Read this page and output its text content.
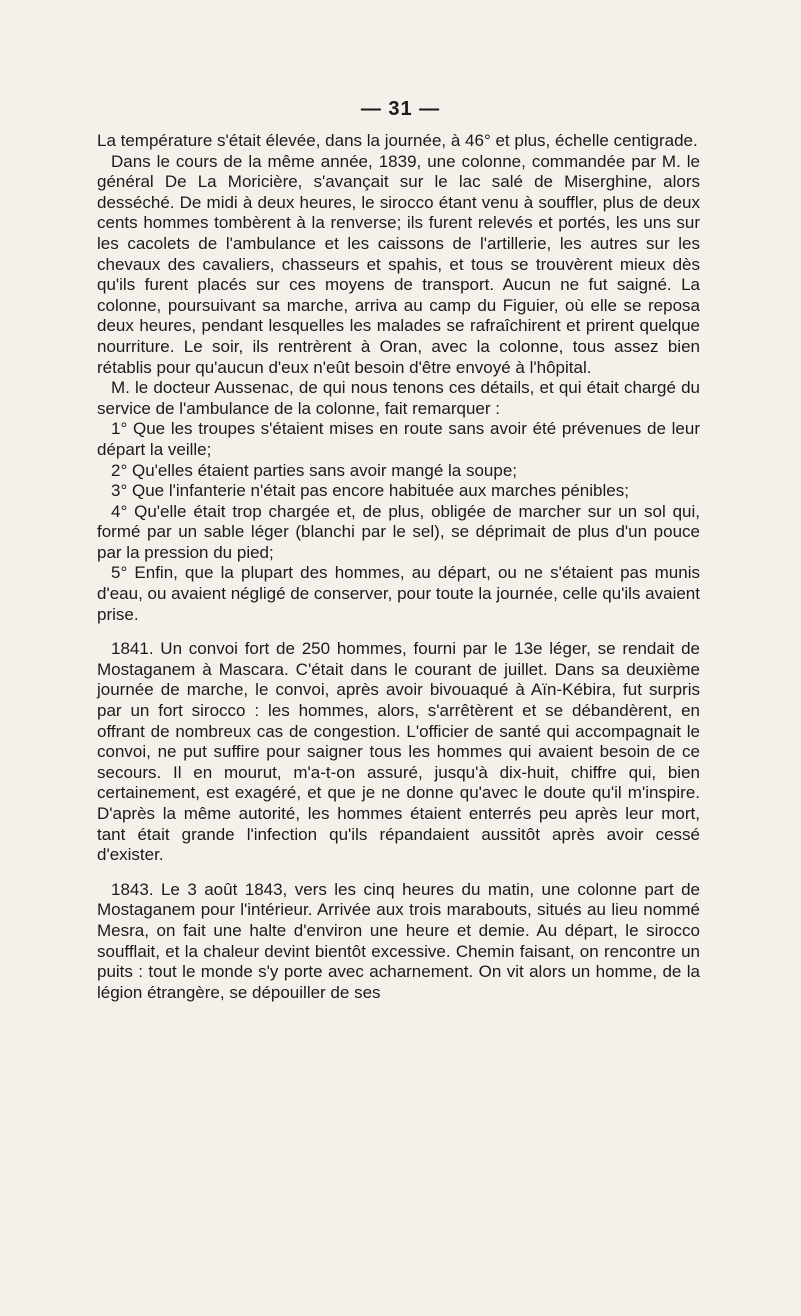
— 31 —

La température s'était élevée, dans la journée, à 46° et plus, échelle centigrade.

Dans le cours de la même année, 1839, une colonne, commandée par M. le général De La Moricière, s'avançait sur le lac salé de Miserghine, alors desséché. De midi à deux heures, le sirocco étant venu à souffler, plus de deux cents hommes tombèrent à la renverse; ils furent relevés et portés, les uns sur les cacolets de l'ambulance et les caissons de l'artillerie, les autres sur les chevaux des cavaliers, chasseurs et spahis, et tous se trouvèrent mieux dès qu'ils furent placés sur ces moyens de transport. Aucun ne fut saigné. La colonne, poursuivant sa marche, arriva au camp du Figuier, où elle se reposa deux heures, pendant lesquelles les malades se rafraîchirent et prirent quelque nourriture. Le soir, ils rentrèrent à Oran, avec la colonne, tous assez bien rétablis pour qu'aucun d'eux n'eût besoin d'être envoyé à l'hôpital.

M. le docteur Aussenac, de qui nous tenons ces détails, et qui était chargé du service de l'ambulance de la colonne, fait remarquer :

1° Que les troupes s'étaient mises en route sans avoir été prévenues de leur départ la veille;

2° Qu'elles étaient parties sans avoir mangé la soupe;

3° Que l'infanterie n'était pas encore habituée aux marches pénibles;

4° Qu'elle était trop chargée et, de plus, obligée de marcher sur un sol qui, formé par un sable léger (blanchi par le sel), se déprimait de plus d'un pouce par la pression du pied;

5° Enfin, que la plupart des hommes, au départ, ou ne s'étaient pas munis d'eau, ou avaient négligé de conserver, pour toute la journée, celle qu'ils avaient prise.

1841. Un convoi fort de 250 hommes, fourni par le 13e léger, se rendait de Mostaganem à Mascara. C'était dans le courant de juillet. Dans sa deuxième journée de marche, le convoi, après avoir bivouaqué à Aïn-Kébira, fut surpris par un fort sirocco : les hommes, alors, s'arrêtèrent et se débandèrent, en offrant de nombreux cas de congestion. L'officier de santé qui accompagnait le convoi, ne put suffire pour saigner tous les hommes qui avaient besoin de ce secours. Il en mourut, m'a-t-on assuré, jusqu'à dix-huit, chiffre qui, bien certainement, est exagéré, et que je ne donne qu'avec le doute qu'il m'inspire. D'après la même autorité, les hommes étaient enterrés peu après leur mort, tant était grande l'infection qu'ils répandaient aussitôt après avoir cessé d'exister.

1843. Le 3 août 1843, vers les cinq heures du matin, une colonne part de Mostaganem pour l'intérieur. Arrivée aux trois marabouts, situés au lieu nommé Mesra, on fait une halte d'environ une heure et demie. Au départ, le sirocco soufflait, et la chaleur devint bientôt excessive. Chemin faisant, on rencontre un puits : tout le monde s'y porte avec acharnement. On vit alors un homme, de la légion étrangère, se dépouiller de ses
